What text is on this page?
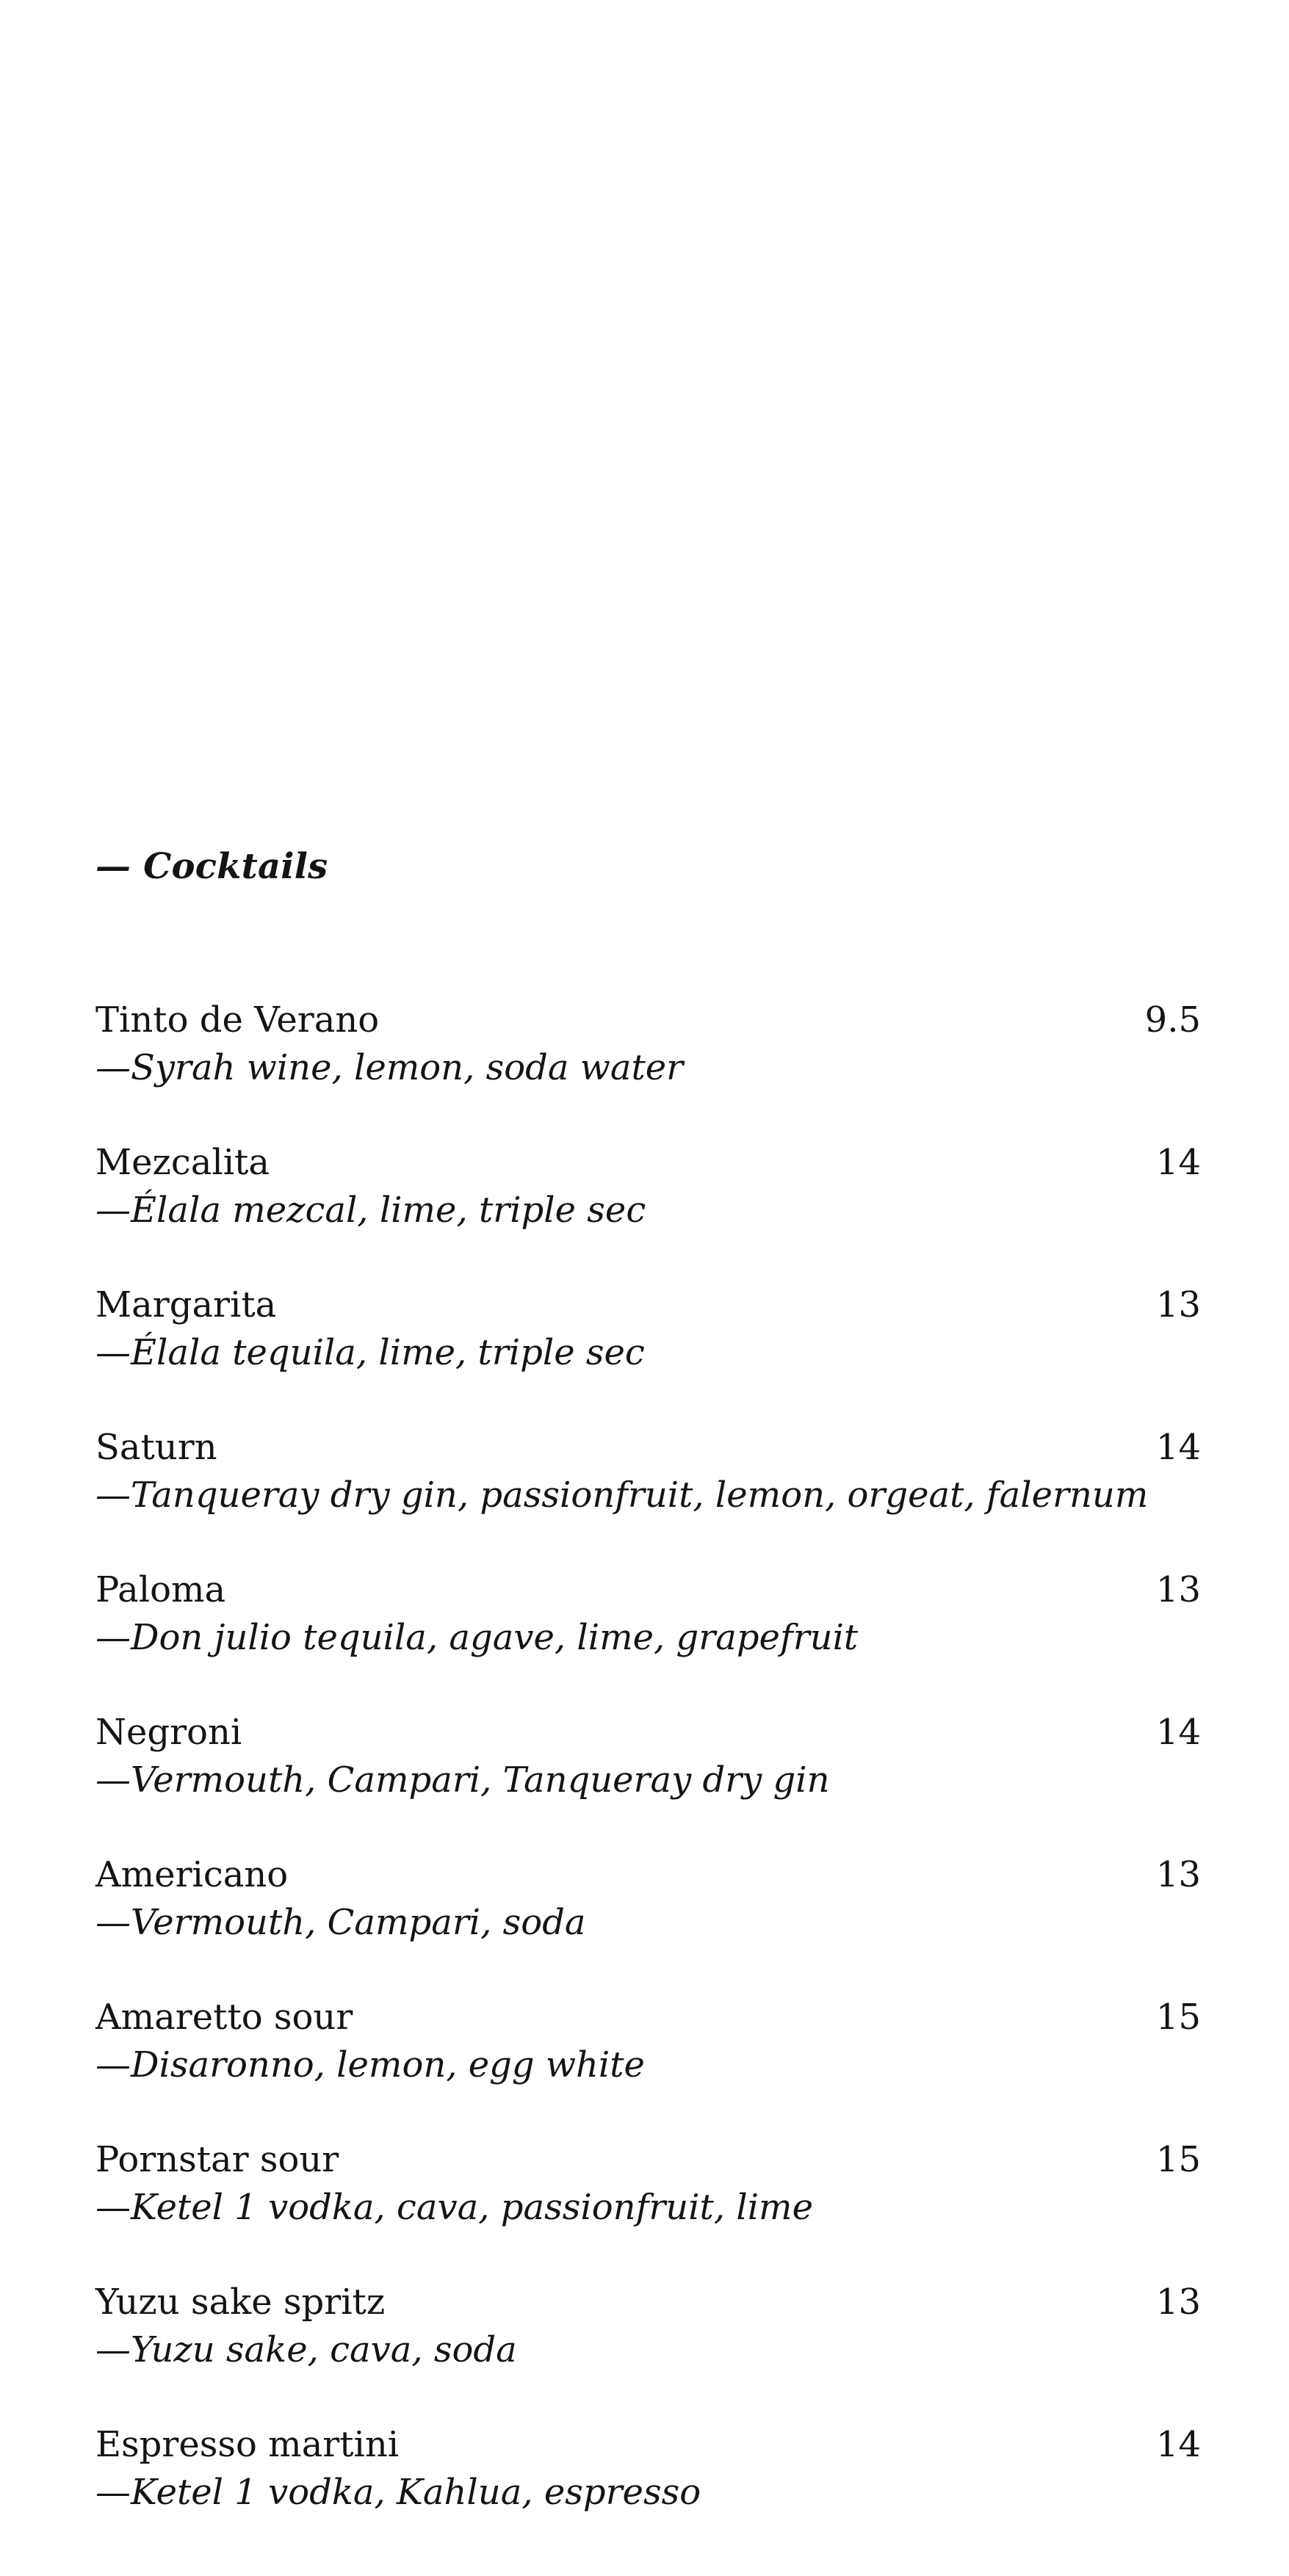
— Cocktails
Tinto de Verano	9.5
—Syrah wine, lemon, soda water
Mezcalita	14
—Élala mezcal, lime, triple sec
Margarita	13
—Élala tequila, lime, triple sec
Saturn	14
—Tanqueray dry gin, passionfruit, lemon, orgeat, falernum
Paloma	13
—Don julio tequila, agave, lime, grapefruit
Negroni	14
—Vermouth, Campari, Tanqueray dry gin
Americano	13
—Vermouth, Campari, soda
Amaretto sour	15
—Disaronno, lemon, egg white
Pornstar sour	15
—Ketel 1 vodka, cava, passionfruit, lime
Yuzu sake spritz	13
—Yuzu sake, cava, soda
Espresso martini	14
—Ketel 1 vodka, Kahlua, espresso
